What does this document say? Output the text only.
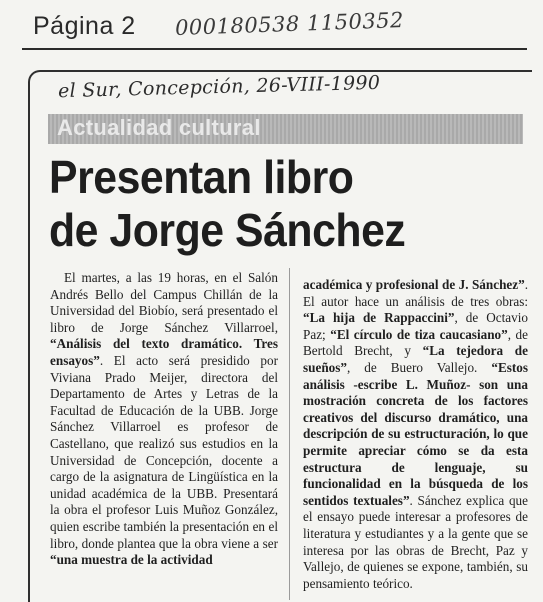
Página 2 000180538 1150352
el Sur, Concepción, 26-VIII-1990
Actualidad cultural
Presentan libro
de Jorge Sánchez

El martes, a las 19 horas, en el Salón Andrés Bello del Campus Chillán de la Universidad del Biobío, será presentado el libro de Jorge Sánchez Villarroel, “Análisis del texto dramático. Tres ensayos”. El acto será presidido por Viviana Prado Meijer, directora del Departamento de Artes y Letras de la Facultad de Educación de la UBB. Jorge Sánchez Villarroel es profesor de Castellano, que realizó sus estudios en la Universidad de Concepción, docente a cargo de la asignatura de Lingüística en la unidad académica de la UBB. Presentará la obra el profesor Luis Muñoz González, quien escribe también la presentación en el libro, donde plantea que la obra viene a ser “una muestra de la actividad

académica y profesional de J. Sánchez”. El autor hace un análisis de tres obras: “La hija de Rappaccini”, de Octavio Paz; “El círculo de tiza caucasiano”, de Bertold Brecht, y “La tejedora de sueños”, de Buero Vallejo. “Estos análisis -escribe L. Muñoz- son una mostración concreta de los factores creativos del discurso dramático, una descripción de su estructuración, lo que permite apreciar cómo se da esta estructura de lenguaje, su funcionalidad en la búsqueda de los sentidos textuales”. Sánchez explica que el ensayo puede interesar a profesores de literatura y estudiantes y a la gente que se interesa por las obras de Brecht, Paz y Vallejo, de quienes se expone, también, su pensamiento teórico.
